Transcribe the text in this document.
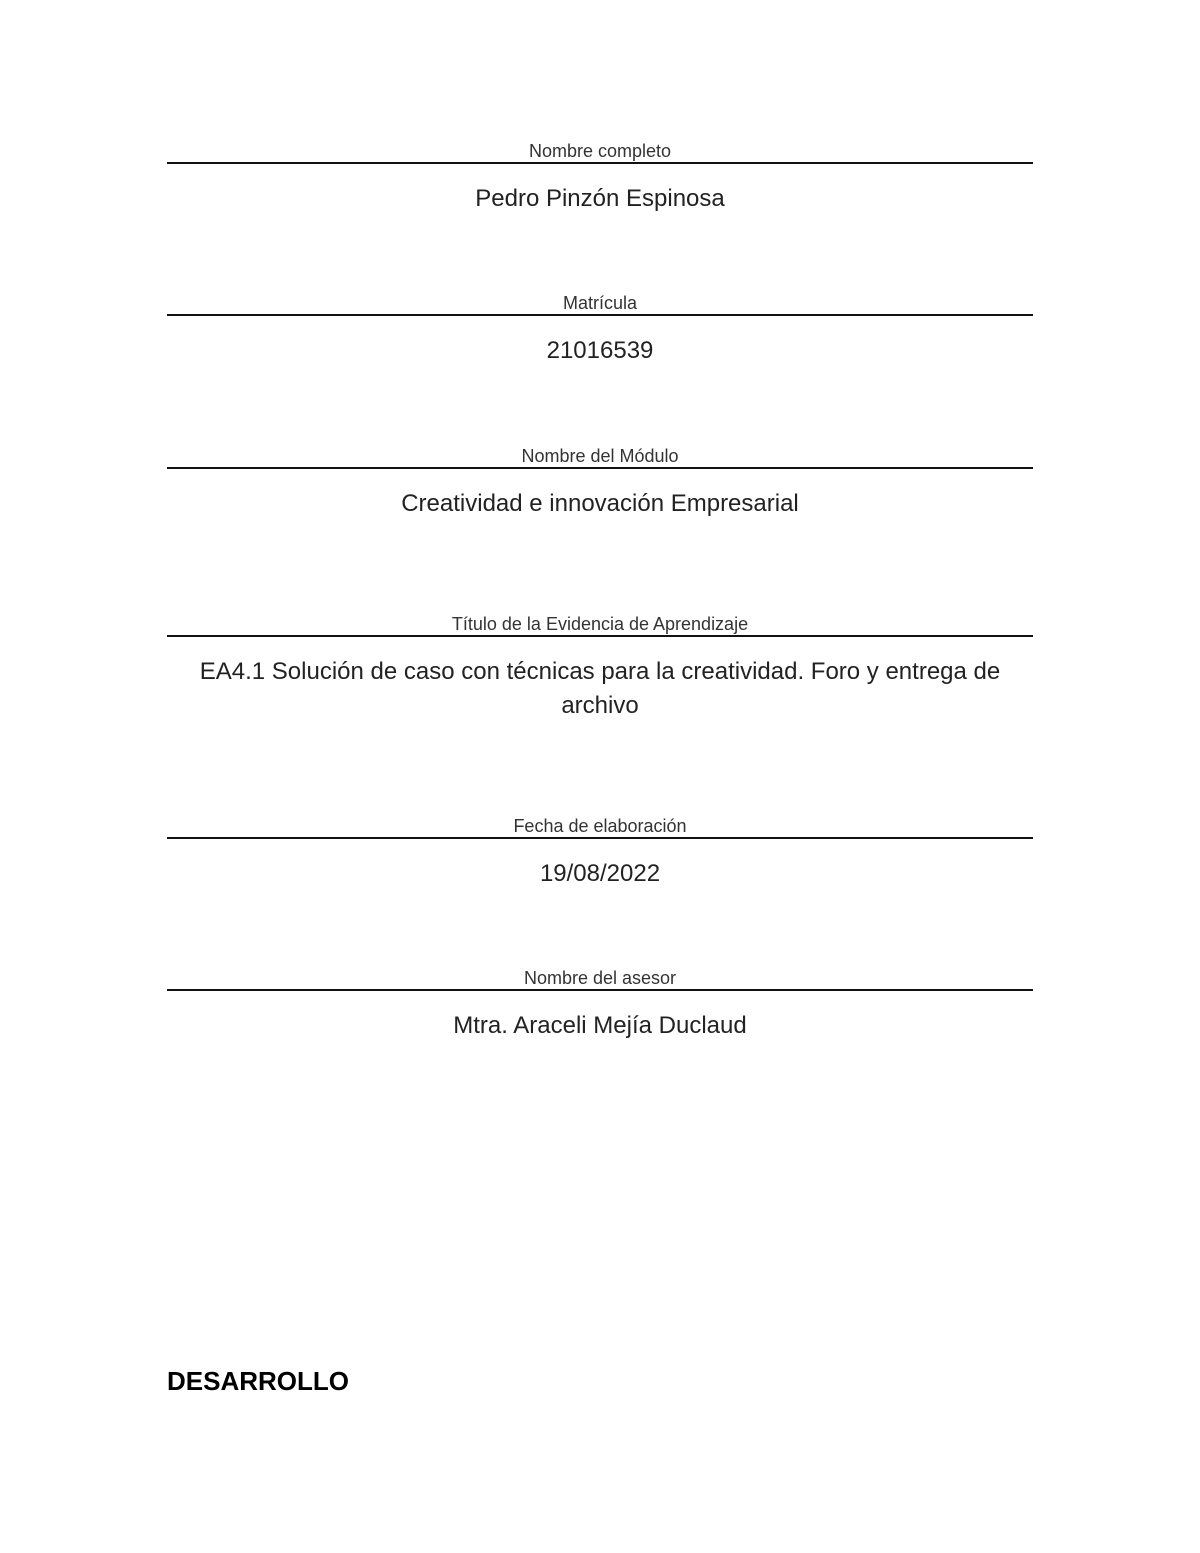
Nombre completo
Pedro Pinzón Espinosa
Matrícula
21016539
Nombre del Módulo
Creatividad e innovación Empresarial
Título de la Evidencia de Aprendizaje
EA4.1 Solución de caso con técnicas para la creatividad. Foro y entrega de archivo
Fecha de elaboración
19/08/2022
Nombre del asesor
Mtra. Araceli Mejía Duclaud
DESARROLLO
